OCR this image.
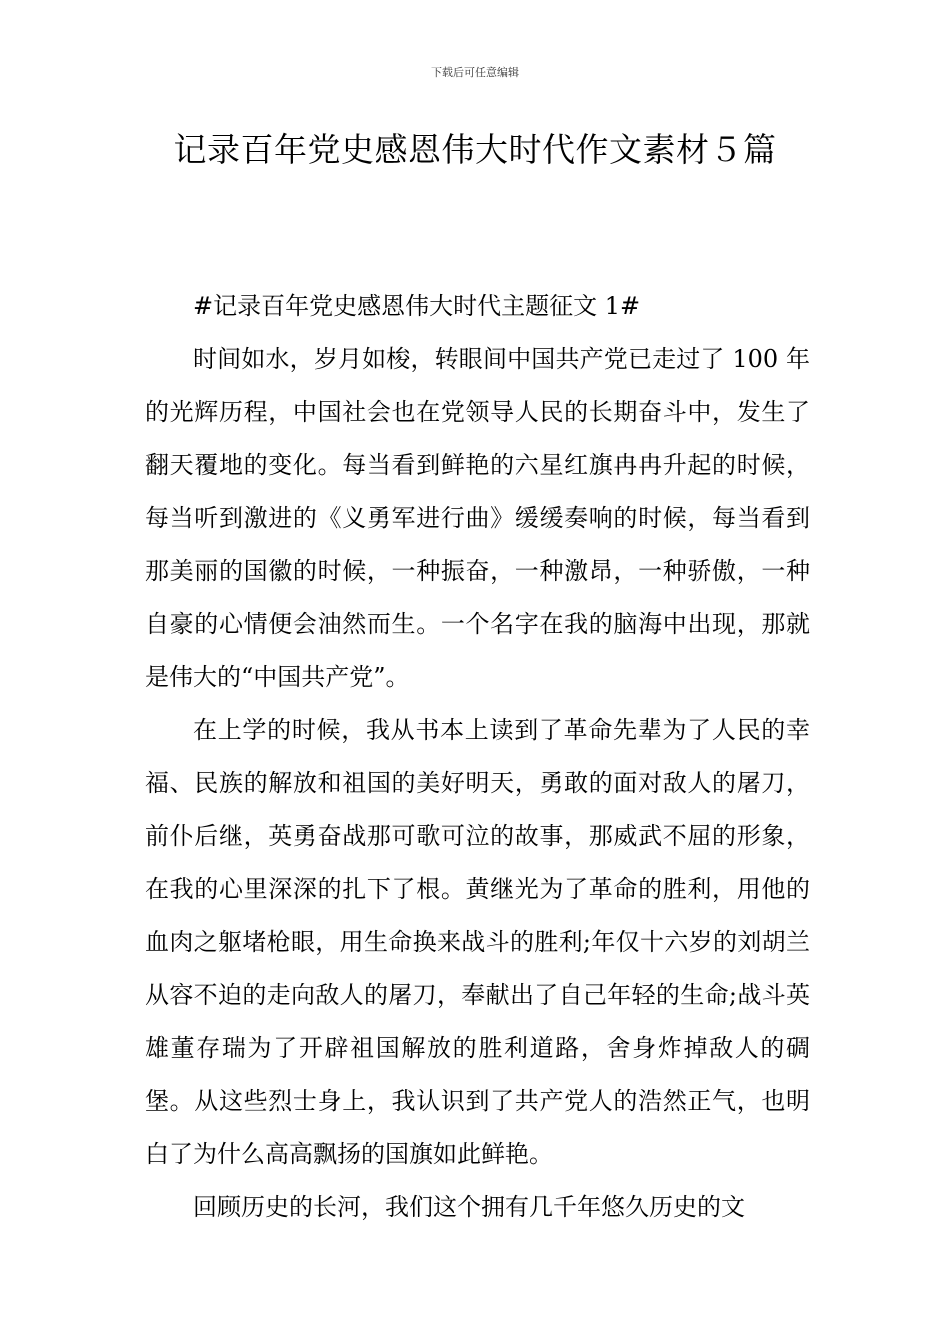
下载后可任意编辑
记录百年党史感恩伟大时代作文素材５篇

#记录百年党史感恩伟大时代主题征文 1#

时间如水，岁月如梭，转眼间中国共产党已走过了 100 年的光辉历程，中国社会也在党领导人民的长期奋斗中，发生了翻天覆地的变化。每当看到鲜艳的六星红旗冉冉升起的时候，每当听到激进的《义勇军进行曲》缓缓奏响的时候，每当看到那美丽的国徽的时候，一种振奋，一种激昂，一种骄傲，一种自豪的心情便会油然而生。一个名字在我的脑海中出现，那就是伟大的“中国共产党”。

在上学的时候，我从书本上读到了革命先辈为了人民的幸福、民族的解放和祖国的美好明天，勇敢的面对敌人的屠刀，前仆后继，英勇奋战那可歌可泣的故事，那威武不屈的形象，在我的心里深深的扎下了根。黄继光为了革命的胜利，用他的血肉之躯堵枪眼，用生命换来战斗的胜利;年仅十六岁的刘胡兰从容不迫的走向敌人的屠刀，奉献出了自己年轻的生命;战斗英雄董存瑞为了开辟祖国解放的胜利道路，舍身炸掉敌人的碉堡。从这些烈士身上，我认识到了共产党人的浩然正气，也明白了为什么高高飘扬的国旗如此鲜艳。

回顾历史的长河，我们这个拥有几千年悠久历史的文
